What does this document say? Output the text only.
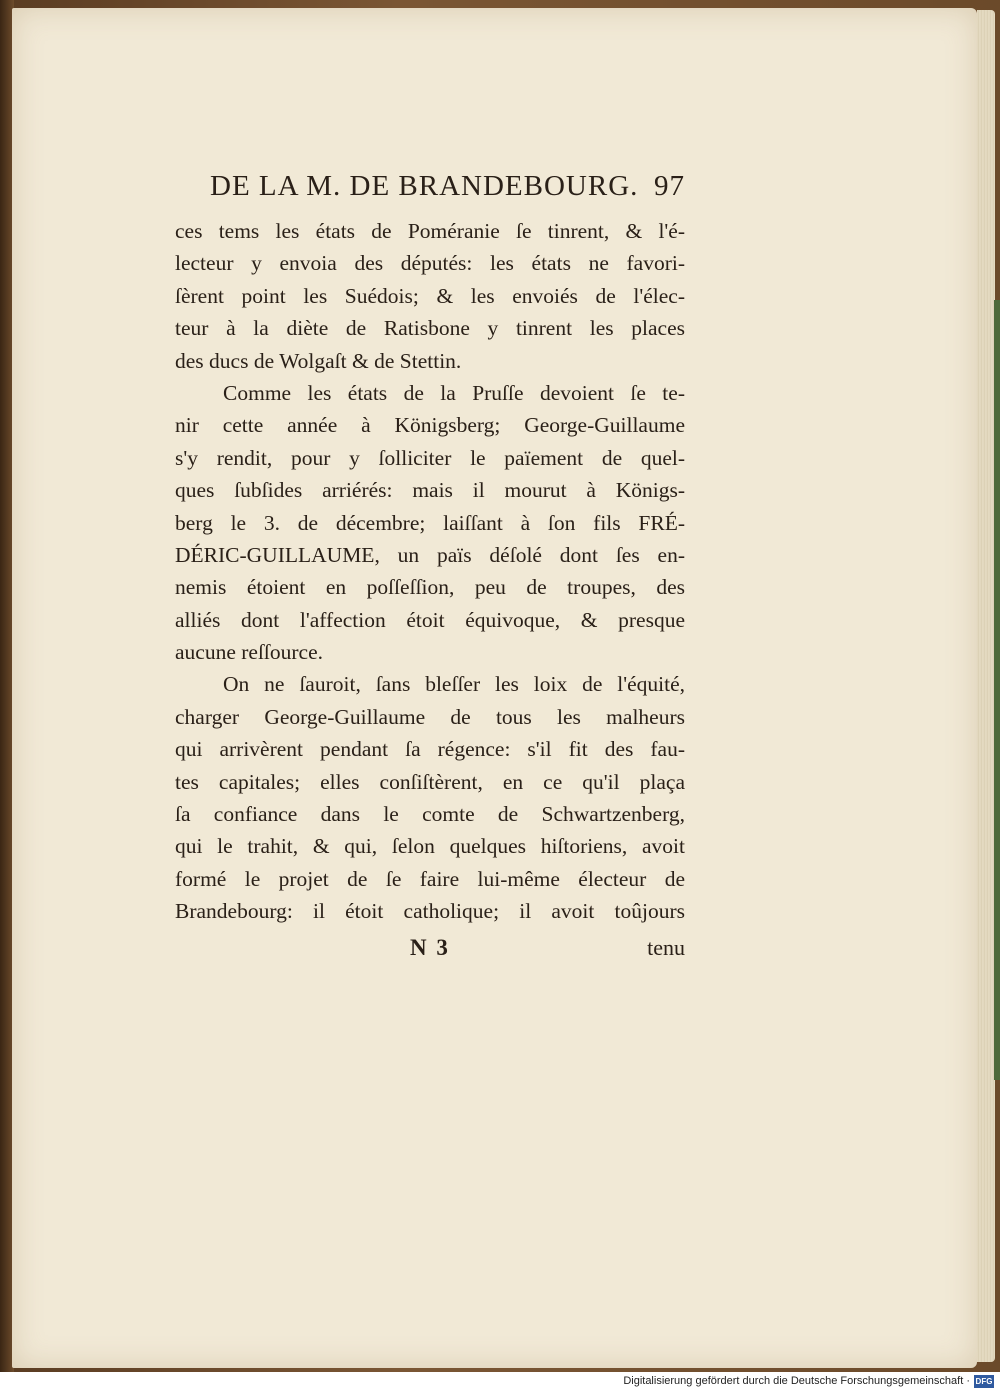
DE LA M. DE BRANDEBOURG. 97
ces tems les états de Poméranie ſe tinrent, & l'é-
lecteur y envoia des députés: les états ne favori-
ſèrent point les Suédois; & les envoiés de l'élec-
teur à la diète de Ratisbone y tinrent les places
des ducs de Wolgaſt & de Stettin.
Comme les états de la Pruſſe devoient ſe te-
nir cette année à Königsberg; George-Guillaume
s'y rendit, pour y ſolliciter le païement de quel-
ques ſubſides arriérés: mais il mourut à Königs-
berg le 3. de décembre; laiſſant à ſon fils FRÉ-
DÉRIC-GUILLAUME, un païs déſolé dont ſes en-
nemis étoient en poſſeſſion, peu de troupes, des
alliés dont l'affection étoit équivoque, & presque
aucune reſſource.
On ne ſauroit, ſans bleſſer les loix de l'équité,
charger George-Guillaume de tous les malheurs
qui arrivèrent pendant ſa régence: s'il fit des fau-
tes capitales; elles conſiſtèrent, en ce qu'il plaça
ſa confiance dans le comte de Schwartzenberg,
qui le trahit, & qui, ſelon quelques hiſtoriens, avoit
formé le projet de ſe faire lui-même électeur de
Brandebourg: il étoit catholique; il avoit toûjours
N 3	tenu
Digitalisierung gefördert durch die Deutsche Forschungsgemeinschaft · DFG
